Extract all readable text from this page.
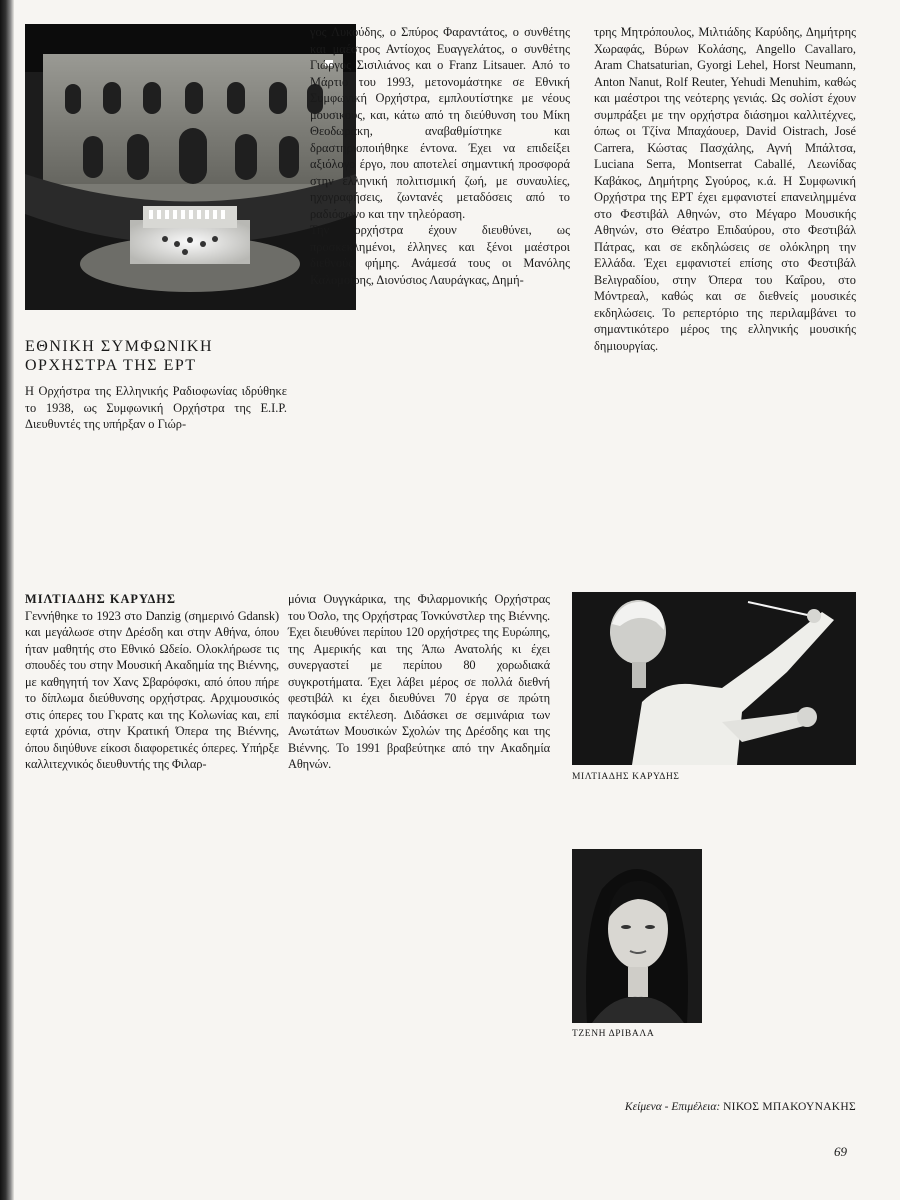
ΕΘΝΙΚΗ ΣΥΜΦΩΝΙΚΗ
ΟΡΧΗΣΤΡΑ ΤΗΣ ΕΡΤ

Η Ορχήστρα της Ελληνικής Ραδιοφωνίας ιδρύθηκε το 1938, ως Συμφωνική Ορχήστρα της Ε.Ι.Ρ. Διευθυντές της υπήρξαν ο Γιώρ-

γος Λυκούδης, ο Σπύρος Φαραντάτος, ο συνθέτης και μαέστρος Αντίοχος Ευαγγελάτος, ο συνθέτης Γιώργος Σισιλιάνος και ο Franz Litsauer. Από το Μάρτιο του 1993, μετονομάστηκε σε Εθνική Συμφωνική Ορχήστρα, εμπλουτίστηκε με νέους μουσικούς, και, κάτω από τη διεύθυνση του Μίκη Θεοδωράκη, αναβαθμίστηκε και δραστηριοποιήθηκε έντονα. Έχει να επιδείξει αξιόλογο έργο, που αποτελεί σημαντική προσφορά στην ελληνική πολιτισμική ζωή, με συναυλίες, ηχογραφήσεις, ζωντανές μεταδόσεις από το ραδιόφωνο και την τηλεόραση.

Την ορχήστρα έχουν διευθύνει, ως προσκεκλημένοι, έλληνες και ξένοι μαέστροι διεθνούς φήμης. Ανάμεσά τους οι Μανόλης Καλομοίρης, Διονύσιος Λαυράγκας, Δημή-

τρης Μητρόπουλος, Μιλτιάδης Καρύδης, Δημήτρης Χωραφάς, Βύρων Κολάσης, Angello Cavallaro, Aram Chatsaturian, Gyorgi Lehel, Horst Neumann, Anton Nanut, Rolf Reuter, Yehudi Menuhim, καθώς και μαέστροι της νεότερης γενιάς. Ως σολίστ έχουν συμπράξει με την ορχήστρα διάσημοι καλλιτέχνες, όπως οι Τζίνα Μπαχάουερ, David Oistrach, José Carrera, Κώστας Πασχάλης, Αγνή Μπάλτσα, Luciana Serra, Montserrat Caballé, Λεωνίδας Καβάκος, Δημήτρης Σγούρος, κ.ά. Η Συμφωνική Ορχήστρα της ΕΡΤ έχει εμφανιστεί επανειλημμένα στο Φεστιβάλ Αθηνών, στο Μέγαρο Μουσικής Αθηνών, στο Θέατρο Επιδαύρου, στο Φεστιβάλ Πάτρας, και σε εκδηλώσεις σε ολόκληρη την Ελλάδα. Έχει εμφανιστεί επίσης στο Φεστιβάλ Βελιγραδίου, στην Όπερα του Καΐρου, στο Μόντρεαλ, καθώς και σε διεθνείς μουσικές εκδηλώσεις. Το ρεπερτόριο της περιλαμβάνει το σημαντικότερο μέρος της ελληνικής μουσικής δημιουργίας.

ΜΙΛΤΙΑΔΗΣ ΚΑΡΥΔΗΣ

Γεννήθηκε το 1923 στο Danzig (σημερινό Gdansk) και μεγάλωσε στην Δρέσδη και στην Αθήνα, όπου ήταν μαθητής στο Εθνικό Ωδείο. Ολοκλήρωσε τις σπουδές του στην Μουσική Ακαδημία της Βιέννης, με καθηγητή τον Χανς Σβαρόφσκι, από όπου πήρε το δίπλωμα διεύθυνσης ορχήστρας. Αρχιμουσικός στις όπερες του Γκρατς και της Κολωνίας και, επί εφτά χρόνια, στην Κρατική Όπερα της Βιέννης, όπου διηύθυνε είκοσι διαφορετικές όπερες. Υπήρξε καλλιτεχνικός διευθυντής της Φιλαρ-

μόνια Ουγγκάρικα, της Φιλαρμονικής Ορχήστρας του Όσλο, της Ορχήστρας Τονκύνστλερ της Βιέννης. Έχει διευθύνει περίπου 120 ορχήστρες της Ευρώπης, της Αμερικής και της Άπω Ανατολής κι έχει συνεργαστεί με περίπου 80 χορωδιακά συγκροτήματα. Έχει λάβει μέρος σε πολλά διεθνή φεστιβάλ κι έχει διευθύνει 70 έργα σε πρώτη παγκόσμια εκτέλεση. Διδάσκει σε σεμινάρια των Ανωτάτων Μουσικών Σχολών της Δρέσδης και της Βιέννης. Το 1991 βραβεύτηκε από την Ακαδημία Αθηνών.

ΜΙΛΤΙΑΔΗΣ ΚΑΡΥΔΗΣ

ΤΖΕΝΗ ΔΡΙΒΑΛΑ

Κείμενα - Επιμέλεια: ΝΙΚΟΣ ΜΠΑΚΟΥΝΑΚΗΣ

69
